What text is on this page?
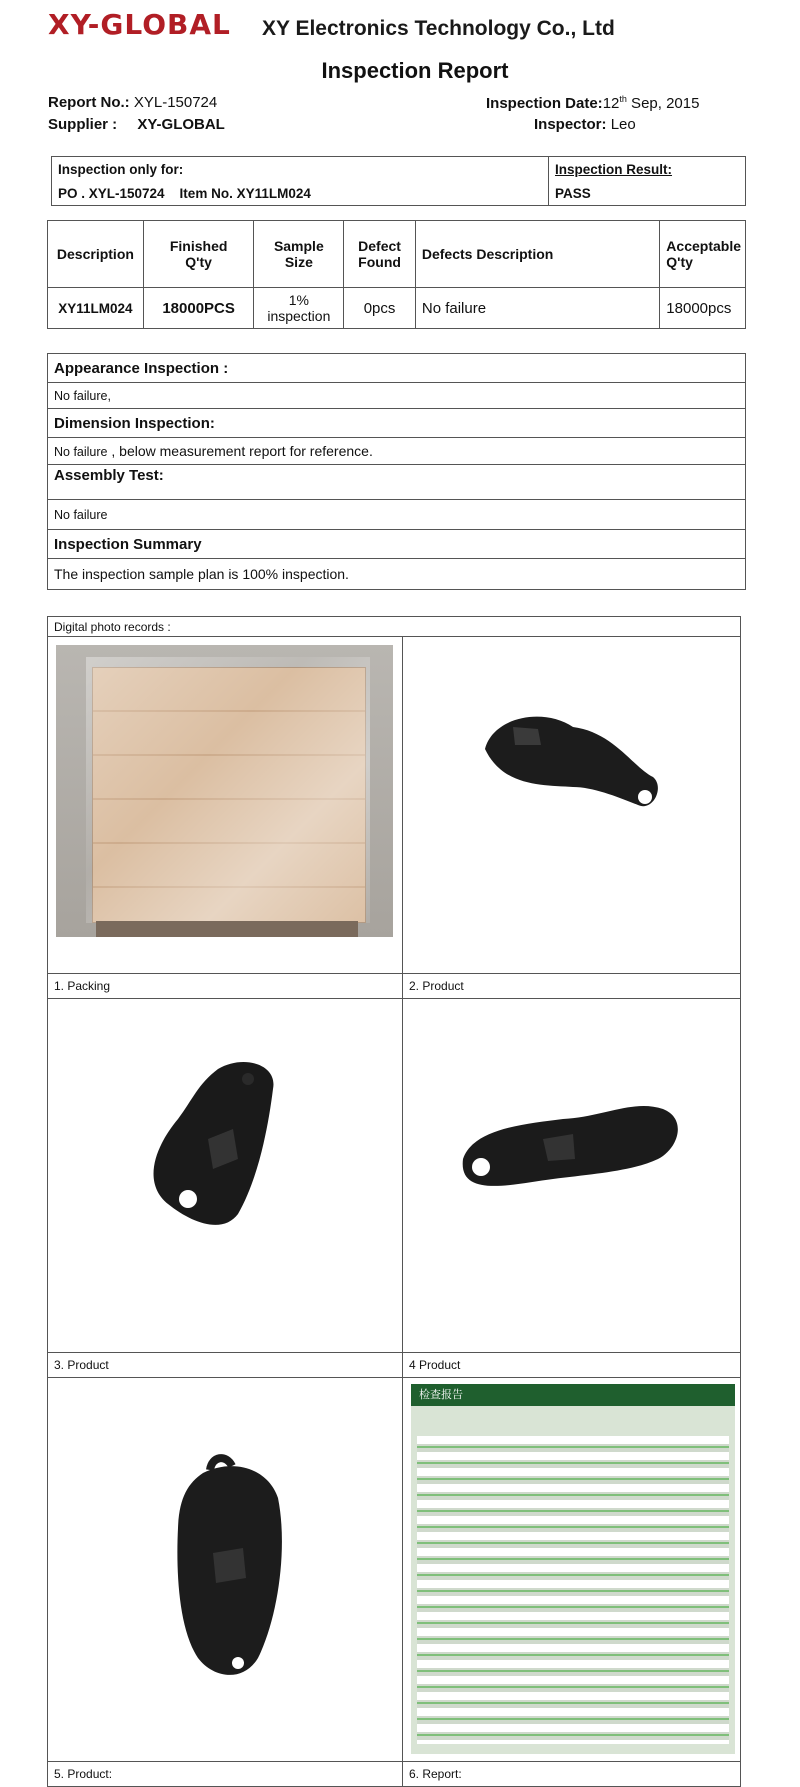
XY-GLOBAL XY Electronics Technology Co., Ltd
Inspection Report
Report No.: XYL-150724
Supplier : XY-GLOBAL
Inspection Date:12th Sep, 2015
Inspector: Leo
Inspection only for:	Inspection Result:
PO . XYL-150724    Item No. XY11LM024	PASS
Description	Finished Q'ty	Sample Size	Defect Found	Defects Description	Acceptable Q'ty
XY11LM024	18000PCS	1% inspection	0pcs	No failure	18000pcs
Appearance Inspection :
No failure,
Dimension Inspection:
No failure , below measurement report for reference.
Assembly Test:
No failure
Inspection Summary
The inspection sample plan is 100% inspection.
Digital photo records :	

1. Packing	2. Product

3. Product	4 Product

检查报告

5. Product:	6. Report:
